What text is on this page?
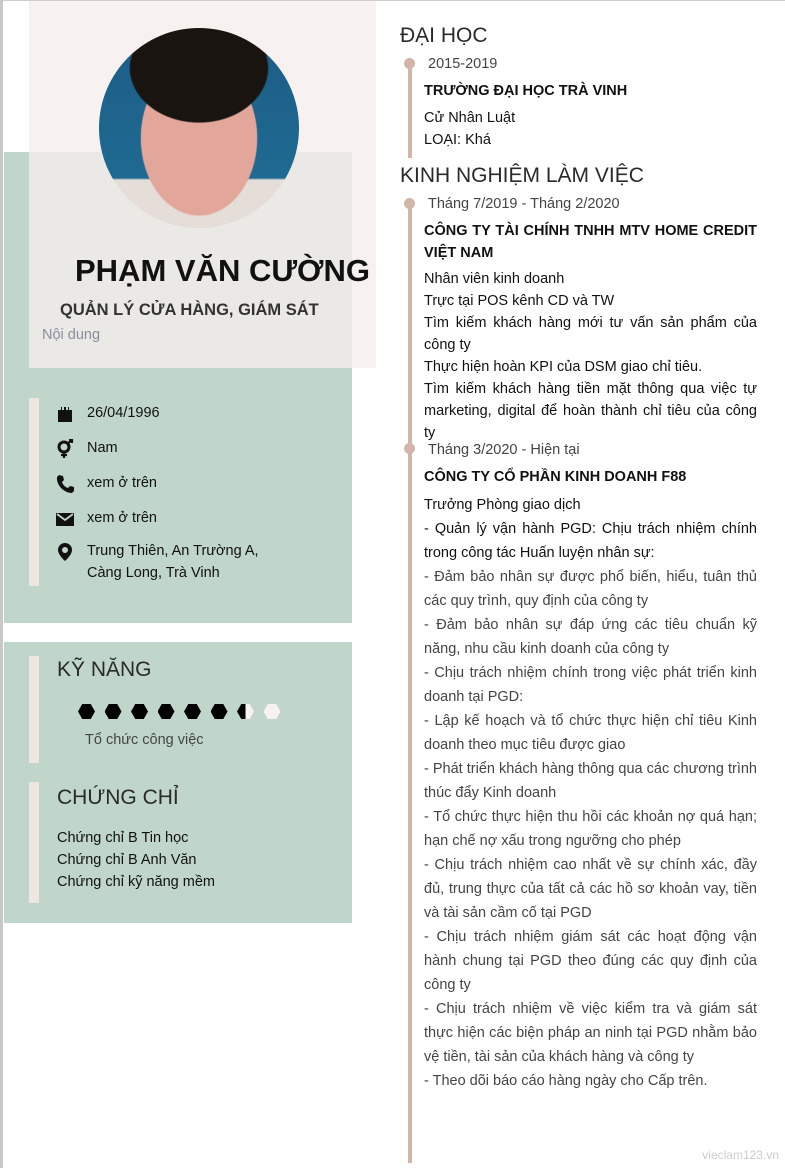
PHẠM VĂN CƯỜNG
QUẢN LÝ CỬA HÀNG, GIÁM SÁT
Nội dung
26/04/1996
Nam
xem ở trên
xem ở trên
Trung Thiên, An Trường A, Càng Long, Trà Vinh
KỸ NĂNG
Tổ chức công việc
CHỨNG CHỈ
Chứng chỉ B Tin học
Chứng chỉ B Anh Văn
Chứng chỉ kỹ năng mềm
ĐẠI HỌC
2015-2019
TRƯỜNG ĐẠI HỌC TRÀ VINH
Cử Nhân Luật
LOẠI: Khá
KINH NGHIỆM LÀM VIỆC
Tháng 7/2019 - Tháng 2/2020
CÔNG TY TÀI CHÍNH TNHH MTV HOME CREDIT VIỆT NAM
Nhân viên kinh doanh
Trực tại POS kênh CD và TW
Tìm kiếm khách hàng mới tư vấn sản phẩm của công ty
Thực hiện hoàn KPI của DSM giao chỉ tiêu.
Tìm kiếm khách hàng tiền mặt thông qua việc tự marketing, digital để hoàn thành chỉ tiêu của công ty
Tháng 3/2020 - Hiện tại
CÔNG TY CỔ PHẦN KINH DOANH F88
Trưởng Phòng giao dịch
- Quản lý vận hành PGD: Chịu trách nhiệm chính trong công tác Huấn luyện nhân sự:
- Đảm bảo nhân sự được phổ biến, hiểu, tuân thủ các quy trình, quy định của công ty
- Đảm bảo nhân sự đáp ứng các tiêu chuẩn kỹ năng, nhu cầu kinh doanh của công ty
- Chịu trách nhiệm chính trong việc phát triển kinh doanh tại PGD:
- Lập kế hoạch và tổ chức thực hiện chỉ tiêu Kinh doanh theo mục tiêu được giao
- Phát triển khách hàng thông qua các chương trình thúc đẩy Kinh doanh
- Tổ chức thực hiện thu hồi các khoản nợ quá hạn; hạn chế nợ xấu trong ngưỡng cho phép
- Chịu trách nhiệm cao nhất về sự chính xác, đầy đủ, trung thực của tất cả các hồ sơ khoản vay, tiền và tài sản cầm cố tại PGD
- Chịu trách nhiệm giám sát các hoạt động vận hành chung tại PGD theo đúng các quy định của công ty
- Chịu trách nhiệm về việc kiểm tra và giám sát thực hiện các biện pháp an ninh tại PGD nhằm bảo vệ tiền, tài sản của khách hàng và công ty
- Theo dõi báo cáo hàng ngày cho Cấp trên.
vieclam123.vn
